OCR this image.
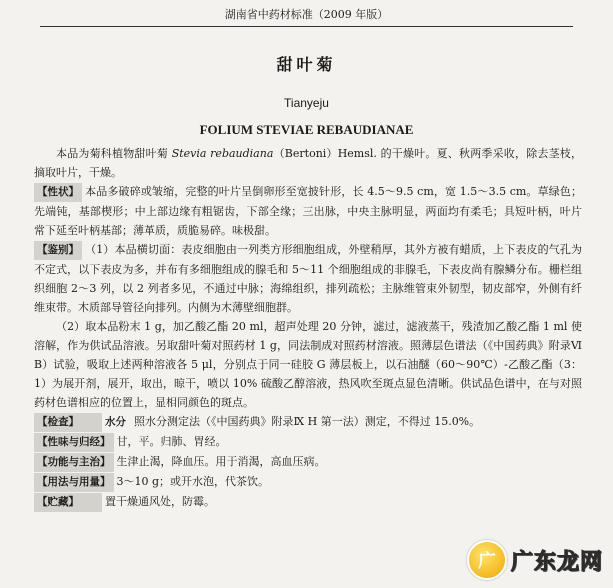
湖南省中药材标准（2009 年版）
甜叶菊
Tianyeju
FOLIUM STEVIAE REBAUDIANAE

本品为菊科植物甜叶菊 Stevia rebaudiana（Bertoni）Hemsl. 的干燥叶。夏、秋两季采收，除去茎枝，摘取叶片，干燥。

【性状】 本品多破碎或皱缩，完整的叶片呈倒卵形至宽披针形，长 4.5～9.5 cm，宽 1.5～3.5 cm。草绿色；先端钝，基部楔形；中上部边缘有粗锯齿，下部全缘；三出脉，中央主脉明显，两面均有柔毛；具短叶柄，叶片常下延至叶柄基部；薄革质，质脆易碎。味极甜。

【鉴别】 （1）本品横切面：表皮细胞由一列类方形细胞组成，外壁稍厚，其外方被有蜡质，上下表皮的气孔为不定式，以下表皮为多，并布有多细胞组成的腺毛和 5～11 个细胞组成的非腺毛，下表皮尚有腺鳞分布。栅栏组织细胞 2～3 列，以 2 列者多见，不通过中脉；海绵组织，排列疏松；主脉维管束外韧型，韧皮部窄，外侧有纤维束带。木质部导管径向排列。内侧为木薄壁细胞群。

（2）取本品粉末 1 g，加乙酸乙酯 20 ml，超声处理 20 分钟，滤过，滤液蒸干，残渣加乙酸乙酯 1 ml 使溶解，作为供试品溶液。另取甜叶菊对照药材 1 g，同法制成对照药材溶液。照薄层色谱法（《中国药典》附录Ⅵ B）试验，吸取上述两种溶液各 5 μl，分别点于同一硅胶 G 薄层板上，以石油醚（60～90℃）-乙酸乙酯（3：1）为展开剂，展开，取出，晾干，喷以 10% 硫酸乙醇溶液，热风吹至斑点显色清晰。供试品色谱中，在与对照药材色谱相应的位置上，显相同颜色的斑点。

【检查】 水分 照水分测定法（《中国药典》附录Ⅸ H 第一法）测定，不得过 15.0%。

【性味与归经】 甘，平。归肺、胃经。

【功能与主治】 生津止渴，降血压。用于消渴，高血压病。

【用法与用量】 3～10 g；或开水泡，代茶饮。

【贮藏】 置干燥通风处，防霉。

广 广东龙网
